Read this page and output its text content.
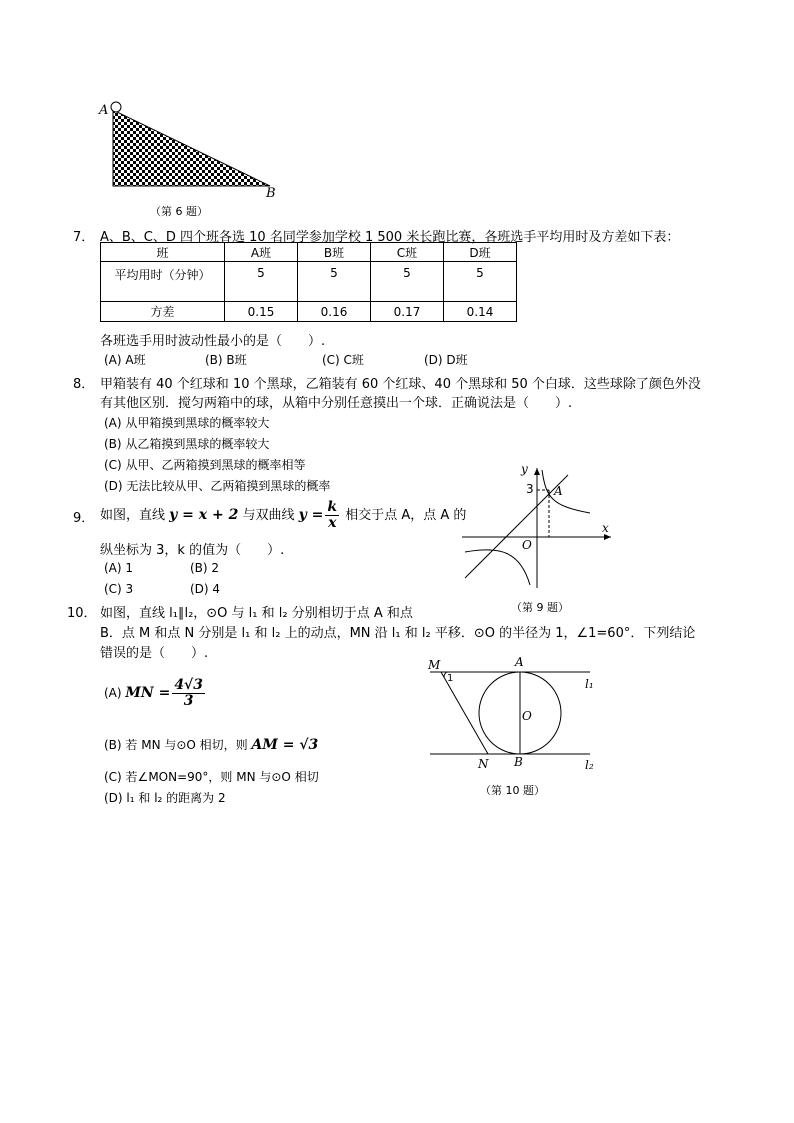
A
B
（第 6 题）
7． A、B、C、D 四个班各选 10 名同学参加学校 1 500 米长跑比赛，各班选手平均用时及方差如下表：
班	A班	B班	C班	D班
平均用时（分钟）	5	5	5	5
方差	0.15	0.16	0.17	0.14
各班选手用时波动性最小的是（　　）.
(A) A班	(B) B班	(C) C班	(D) D班
8． 甲箱装有 40 个红球和 10 个黑球，乙箱装有 60 个红球、40 个黑球和 50 个白球．这些球除了颜色外没
有其他区别．搅匀两箱中的球，从箱中分别任意摸出一个球．正确说法是（　　）.
(A) 从甲箱摸到黑球的概率较大
(B) 从乙箱摸到黑球的概率较大
(C) 从甲、乙两箱摸到黑球的概率相等
(D) 无法比较从甲、乙两箱摸到黑球的概率
9． 如图，直线 y = x + 2 与双曲线 $y = \frac{k}{x}$ 相交于点 A，点 A 的
纵坐标为 3，k 的值为（　　）.
(A) 1	(B) 2
(C) 3	(D) 4
y
x
O
A
3
（第 9 题）
10． 如图，直线 l₁∥l₂，⊙O 与 l₁ 和 l₂ 分别相切于点 A 和点
B．点 M 和点 N 分别是 l₁ 和 l₂ 上的动点，MN 沿 l₁ 和 l₂ 平移．⊙O 的半径为 1，∠1=60°．下列结论
错误的是（　　）.
(A) MN = $\frac{4√3}{3}$
(B) 若 MN 与⊙O 相切，则 AM = √3
(C) 若∠MON=90°，则 MN 与⊙O 相切
(D) l₁ 和 l₂ 的距离为 2
M
1
A
O
N B
l₁
l₂
（第 10 题）
